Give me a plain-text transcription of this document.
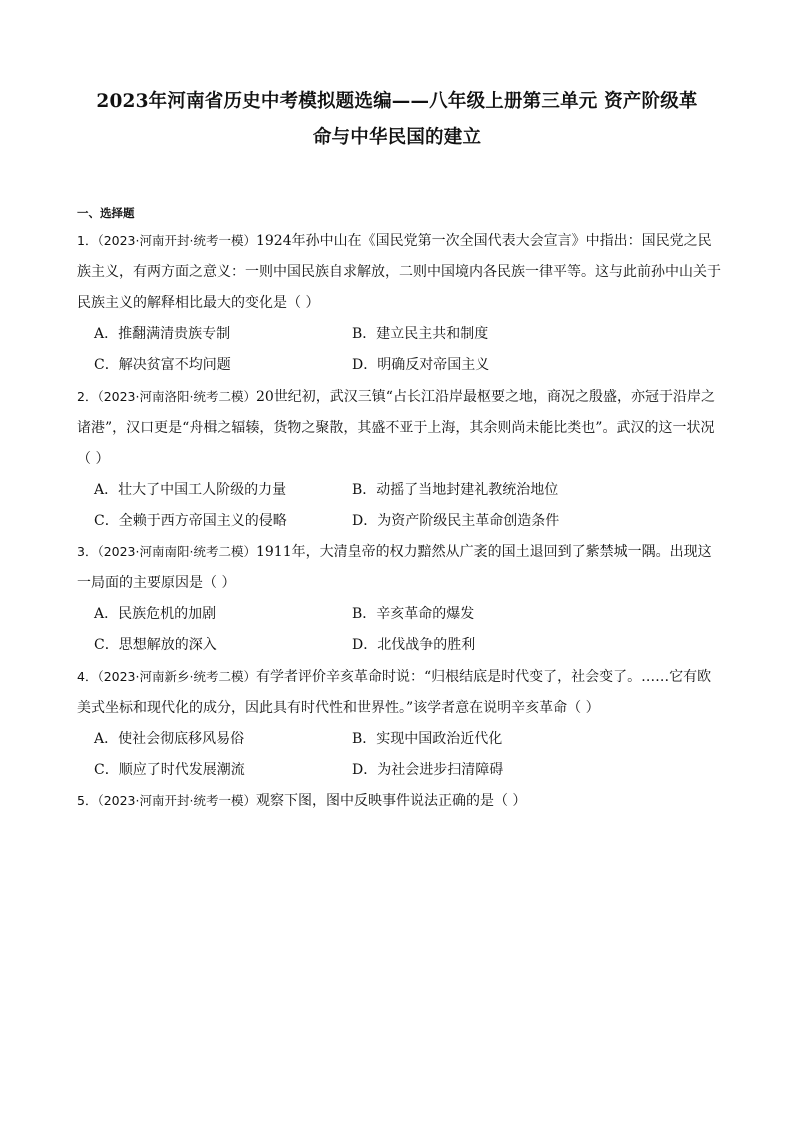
2023年河南省历史中考模拟题选编——八年级上册第三单元 资产阶级革
命与中华民国的建立
一、选择题
1．（2023·河南开封·统考一模）1924年孙中山在《国民党第一次全国代表大会宣言》中指出：国民党之民
族主义，有两方面之意义：一则中国民族自求解放，二则中国境内各民族一律平等。这与此前孙中山关于
民族主义的解释相比最大的变化是（ ）
A．推翻满清贵族专制	B．建立民主共和制度
C．解决贫富不均问题	D．明确反对帝国主义
2．（2023·河南洛阳·统考二模）20世纪初，武汉三镇“占长江沿岸最枢要之地，商况之殷盛，亦冠于沿岸之
诸港”，汉口更是“舟楫之辐辏，货物之聚散，其盛不亚于上海，其余则尚未能比类也”。武汉的这一状况
（ ）
A．壮大了中国工人阶级的力量	B．动摇了当地封建礼教统治地位
C．全赖于西方帝国主义的侵略	D．为资产阶级民主革命创造条件
3．（2023·河南南阳·统考二模）1911年，大清皇帝的权力黯然从广袤的国土退回到了紫禁城一隅。出现这
一局面的主要原因是（ ）
A．民族危机的加剧	B．辛亥革命的爆发
C．思想解放的深入	D．北伐战争的胜利
4．（2023·河南新乡·统考二模）有学者评价辛亥革命时说：“归根结底是时代变了，社会变了。……它有欧
美式坐标和现代化的成分，因此具有时代性和世界性。”该学者意在说明辛亥革命（ ）
A．使社会彻底移风易俗	B．实现中国政治近代化
C．顺应了时代发展潮流	D．为社会进步扫清障碍
5．（2023·河南开封·统考一模）观察下图，图中反映事件说法正确的是（ ）
